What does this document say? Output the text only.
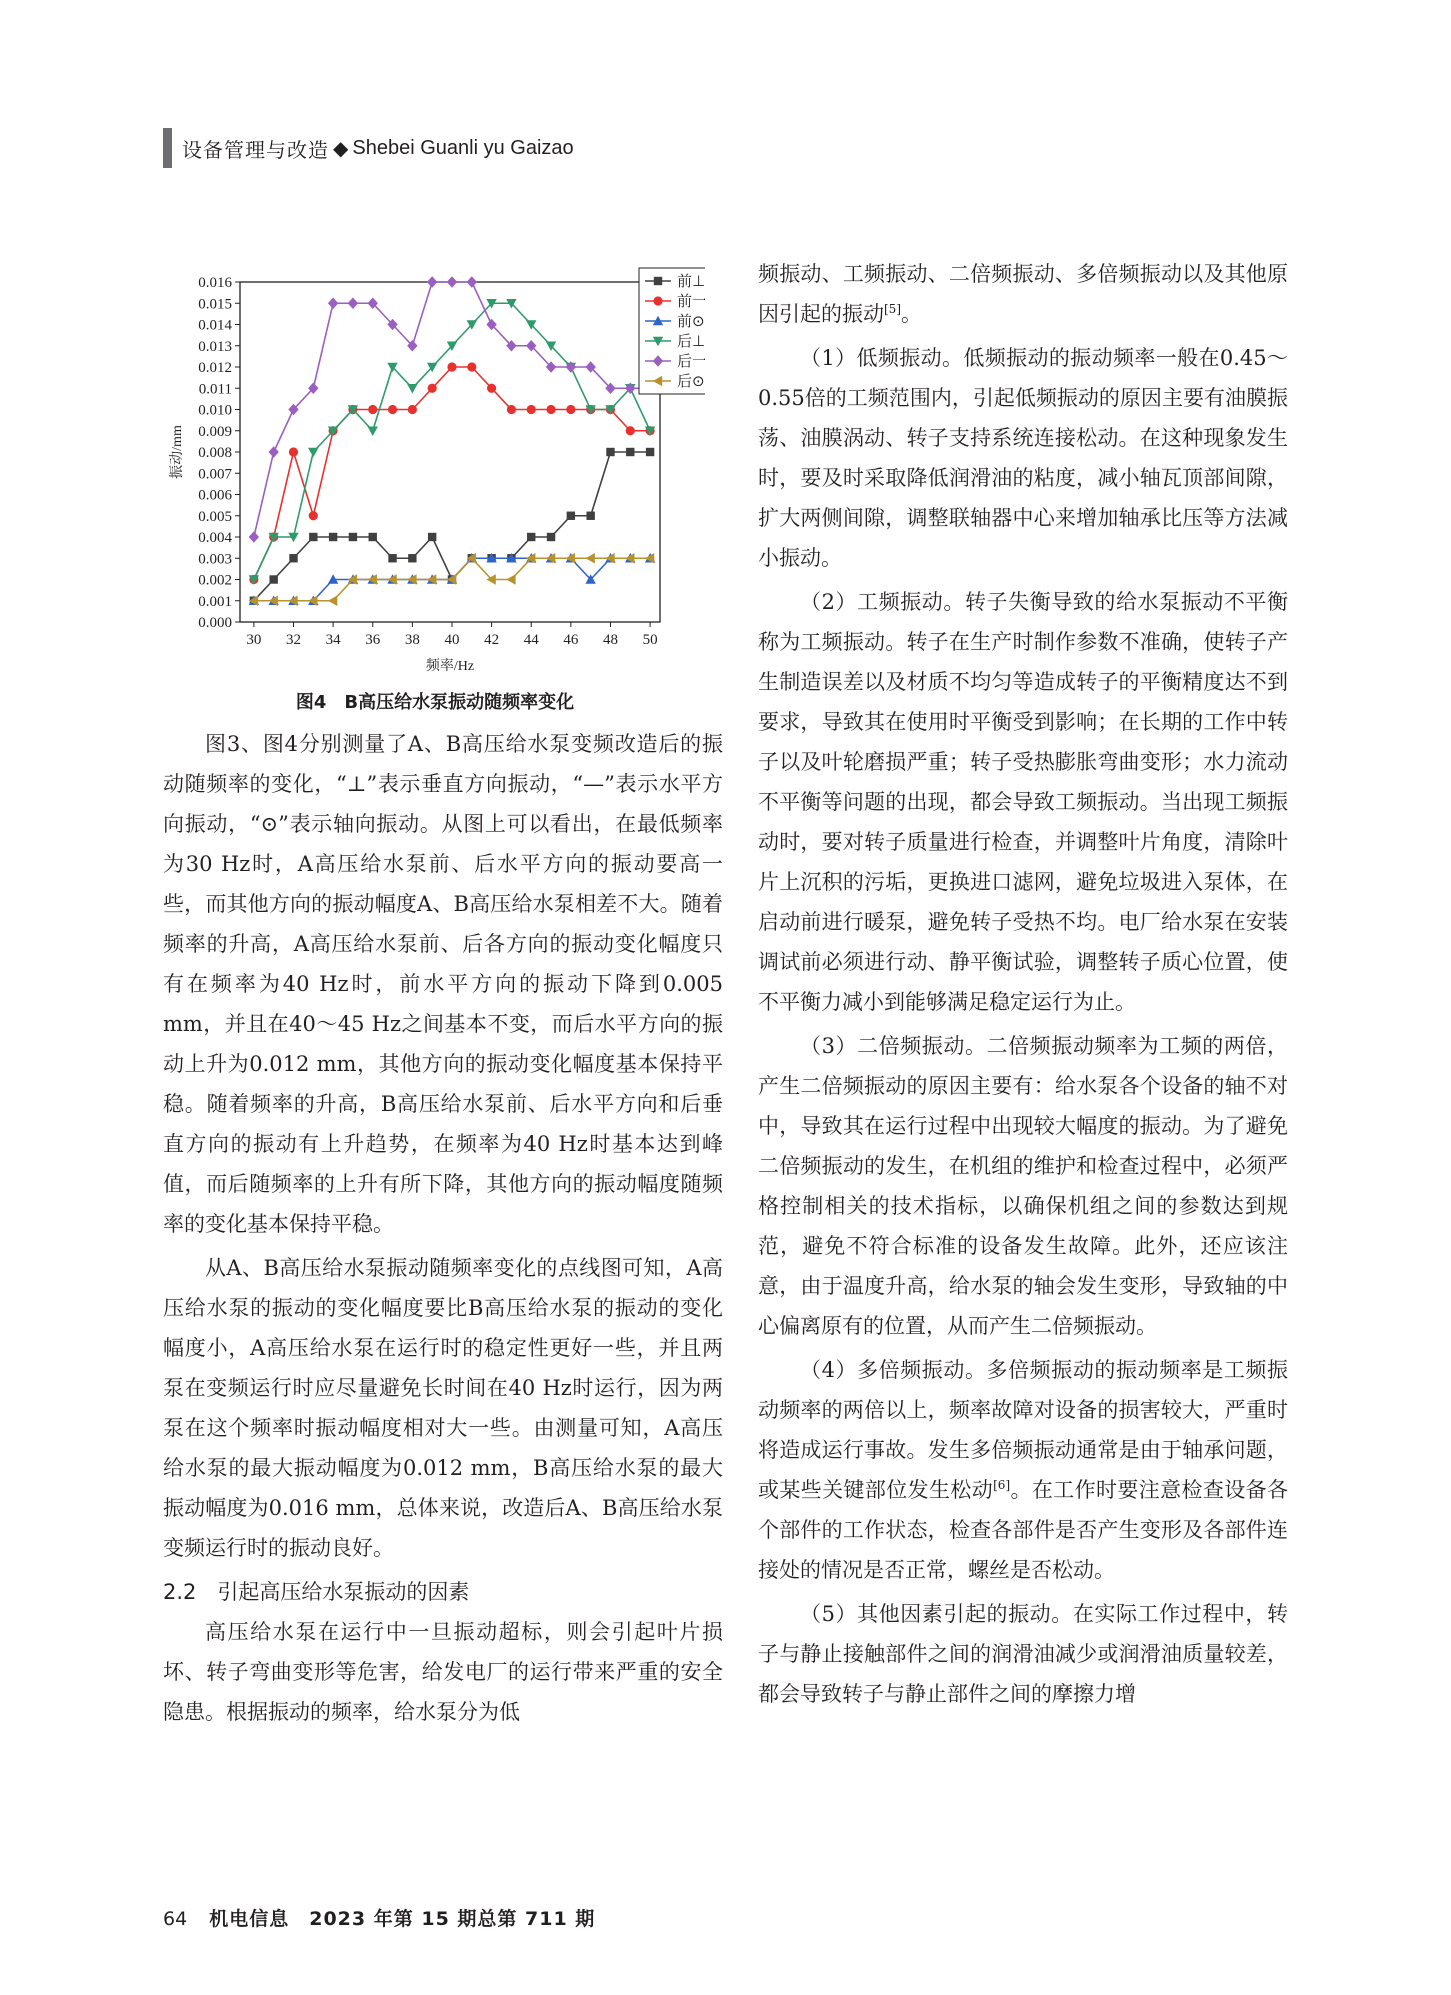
设备管理与改造 ◆ Shebei Guanli yu Gaizao
0.000
0.001
0.002
0.003
0.004
0.005
0.006
0.007
0.008
0.009
0.010
0.011
0.012
0.013
0.014
0.015
0.016
30 32 34 36 38 40 42 44 46 48 50
频率/Hz
振动/mm
前⊥
前一
前⊙
后⊥
后一
后⊙
图4　B高压给水泵振动随频率变化

图3、图4分别测量了A、B高压给水泵变频改造后的振动随频率的变化，“⊥”表示垂直方向振动，“—”表示水平方向振动，“⊙”表示轴向振动。从图上可以看出，在最低频率为30 Hz时，A高压给水泵前、后水平方向的振动要高一些，而其他方向的振动幅度A、B高压给水泵相差不大。随着频率的升高，A高压给水泵前、后各方向的振动变化幅度只有在频率为40 Hz时，前水平方向的振动下降到0.005 mm，并且在40～45 Hz之间基本不变，而后水平方向的振动上升为0.012 mm，其他方向的振动变化幅度基本保持平稳。随着频率的升高，B高压给水泵前、后水平方向和后垂直方向的振动有上升趋势，在频率为40 Hz时基本达到峰值，而后随频率的上升有所下降，其他方向的振动幅度随频率的变化基本保持平稳。

从A、B高压给水泵振动随频率变化的点线图可知，A高压给水泵的振动的变化幅度要比B高压给水泵的振动的变化幅度小，A高压给水泵在运行时的稳定性更好一些，并且两泵在变频运行时应尽量避免长时间在40 Hz时运行，因为两泵在这个频率时振动幅度相对大一些。由测量可知，A高压给水泵的最大振动幅度为0.012 mm，B高压给水泵的最大振动幅度为0.016 mm，总体来说，改造后A、B高压给水泵变频运行时的振动良好。

2.2　引起高压给水泵振动的因素

高压给水泵在运行中一旦振动超标，则会引起叶片损坏、转子弯曲变形等危害，给发电厂的运行带来严重的安全隐患。根据振动的频率，给水泵分为低

频振动、工频振动、二倍频振动、多倍频振动以及其他原因引起的振动[5]。

（1）低频振动。低频振动的振动频率一般在0.45～0.55倍的工频范围内，引起低频振动的原因主要有油膜振荡、油膜涡动、转子支持系统连接松动。在这种现象发生时，要及时采取降低润滑油的粘度，减小轴瓦顶部间隙，扩大两侧间隙，调整联轴器中心来增加轴承比压等方法减小振动。

（2）工频振动。转子失衡导致的给水泵振动不平衡称为工频振动。转子在生产时制作参数不准确，使转子产生制造误差以及材质不均匀等造成转子的平衡精度达不到要求，导致其在使用时平衡受到影响；在长期的工作中转子以及叶轮磨损严重；转子受热膨胀弯曲变形；水力流动不平衡等问题的出现，都会导致工频振动。当出现工频振动时，要对转子质量进行检查，并调整叶片角度，清除叶片上沉积的污垢，更换进口滤网，避免垃圾进入泵体，在启动前进行暖泵，避免转子受热不均。电厂给水泵在安装调试前必须进行动、静平衡试验，调整转子质心位置，使不平衡力减小到能够满足稳定运行为止。

（3）二倍频振动。二倍频振动频率为工频的两倍，产生二倍频振动的原因主要有：给水泵各个设备的轴不对中，导致其在运行过程中出现较大幅度的振动。为了避免二倍频振动的发生，在机组的维护和检查过程中，必须严格控制相关的技术指标，以确保机组之间的参数达到规范，避免不符合标准的设备发生故障。此外，还应该注意，由于温度升高，给水泵的轴会发生变形，导致轴的中心偏离原有的位置，从而产生二倍频振动。

（4）多倍频振动。多倍频振动的振动频率是工频振动频率的两倍以上，频率故障对设备的损害较大，严重时将造成运行事故。发生多倍频振动通常是由于轴承问题，或某些关键部位发生松动[6]。在工作时要注意检查设备各个部件的工作状态，检查各部件是否产生变形及各部件连接处的情况是否正常，螺丝是否松动。

（5）其他因素引起的振动。在实际工作过程中，转子与静止接触部件之间的润滑油减少或润滑油质量较差，都会导致转子与静止部件之间的摩擦力增

64 机电信息　2023 年第 15 期总第 711 期
